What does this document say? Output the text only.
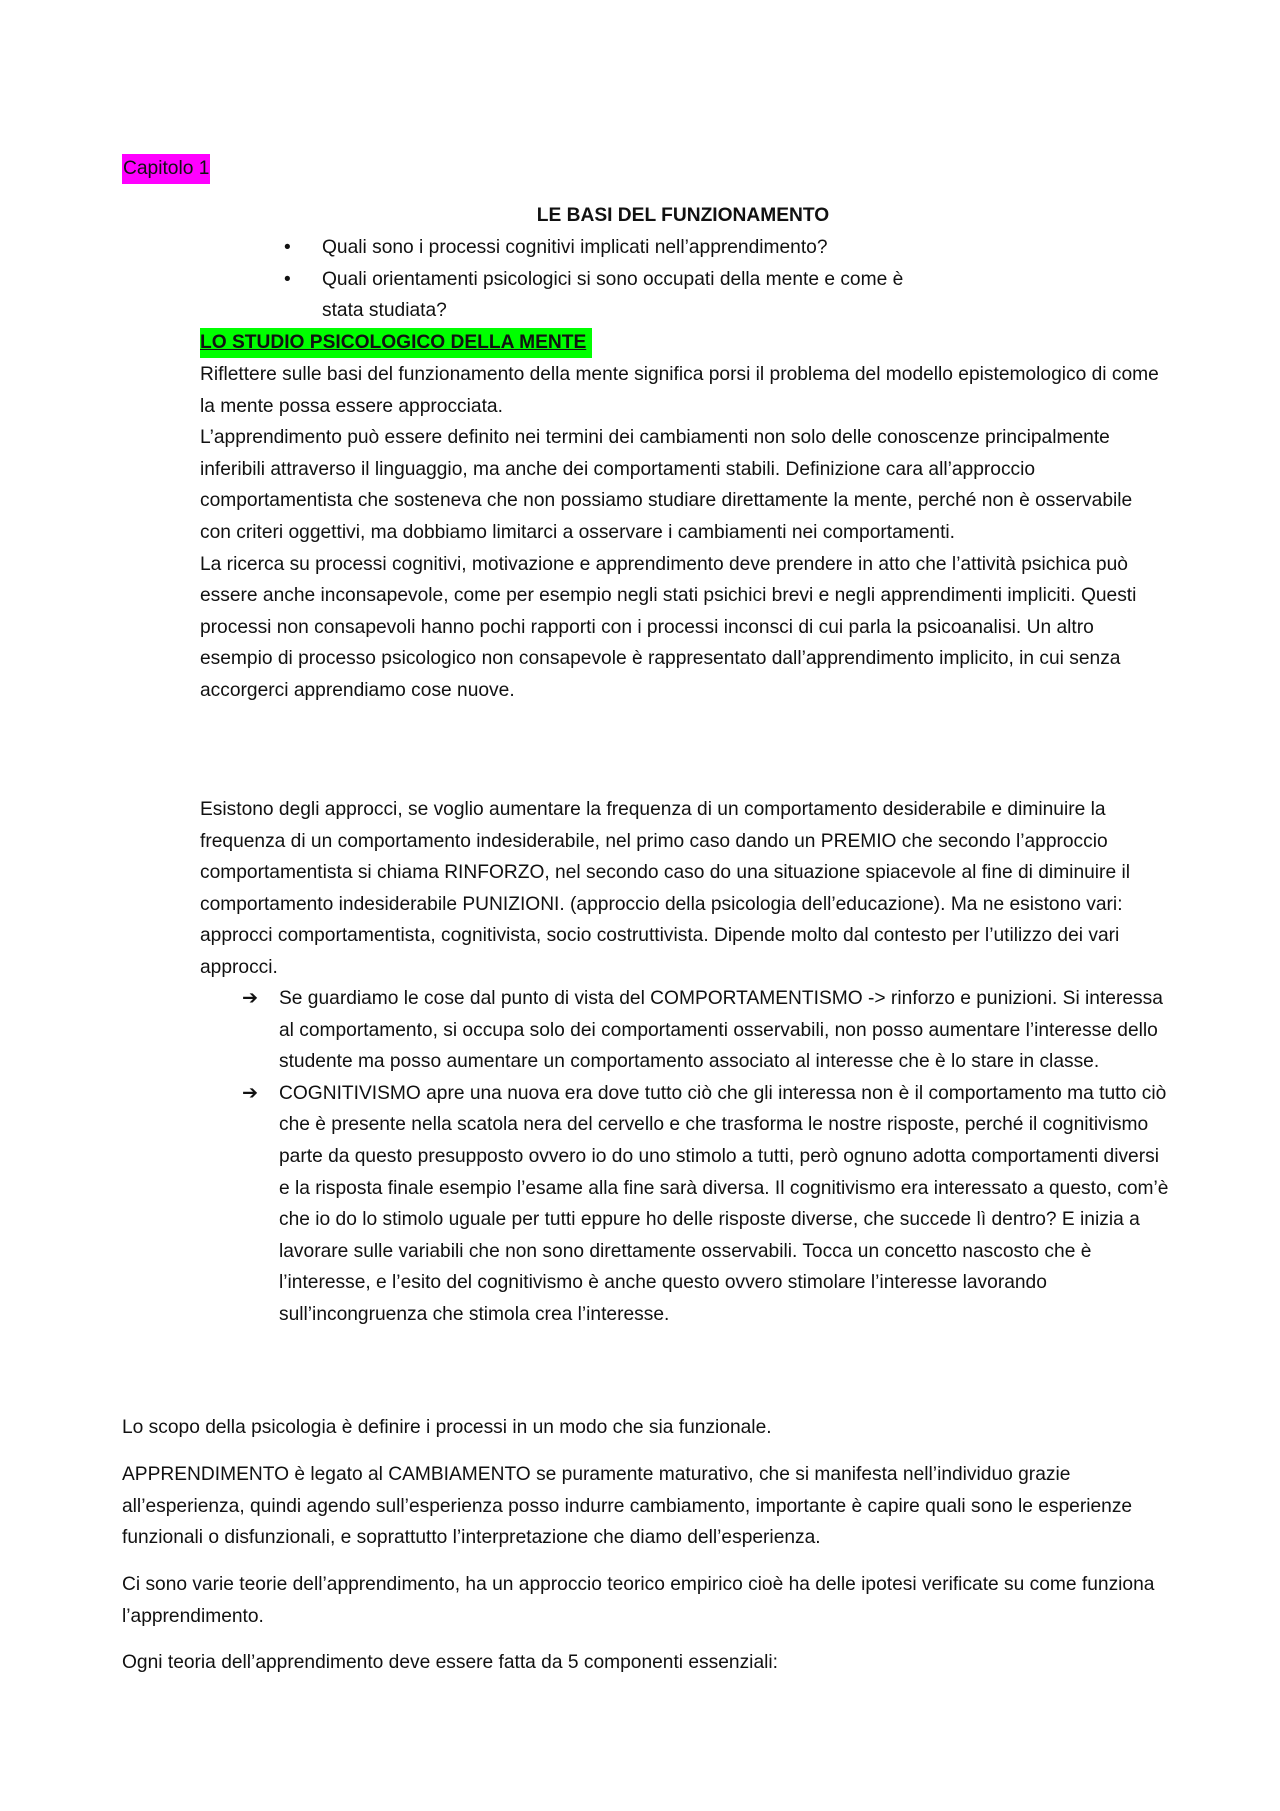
Capitolo 1
LE BASI DEL FUNZIONAMENTO
• Quali sono i processi cognitivi implicati nell’apprendimento?
• Quali orientamenti psicologici si sono occupati della mente e come è stata studiata?
LO STUDIO PSICOLOGICO DELLA MENTE

Riflettere sulle basi del funzionamento della mente significa porsi il problema del modello epistemologico di come la mente possa essere approcciata.

L’apprendimento può essere definito nei termini dei cambiamenti non solo delle conoscenze principalmente inferibili attraverso il linguaggio, ma anche dei comportamenti stabili. Definizione cara all’approccio comportamentista che sosteneva che non possiamo studiare direttamente la mente, perché non è osservabile con criteri oggettivi, ma dobbiamo limitarci a osservare i cambiamenti nei comportamenti.

La ricerca su processi cognitivi, motivazione e apprendimento deve prendere in atto che l’attività psichica può essere anche inconsapevole, come per esempio negli stati psichici brevi e negli apprendimenti impliciti. Questi processi non consapevoli hanno pochi rapporti con i processi inconsci di cui parla la psicoanalisi. Un altro esempio di processo psicologico non consapevole è rappresentato dall’apprendimento implicito, in cui senza accorgerci apprendiamo cose nuove.

Esistono degli approcci, se voglio aumentare la frequenza di un comportamento desiderabile e diminuire la frequenza di un comportamento indesiderabile, nel primo caso dando un PREMIO che secondo l’approccio comportamentista si chiama RINFORZO, nel secondo caso do una situazione spiacevole al fine di diminuire il comportamento indesiderabile PUNIZIONI. (approccio della psicologia dell’educazione). Ma ne esistono vari: approcci comportamentista, cognitivista, socio costruttivista. Dipende molto dal contesto per l’utilizzo dei vari approcci.

➔ Se guardiamo le cose dal punto di vista del COMPORTAMENTISMO -> rinforzo e punizioni. Si interessa al comportamento, si occupa solo dei comportamenti osservabili, non posso aumentare l’interesse dello studente ma posso aumentare un comportamento associato al interesse che è lo stare in classe.
➔ COGNITIVISMO apre una nuova era dove tutto ciò che gli interessa non è il comportamento ma tutto ciò che è presente nella scatola nera del cervello e che trasforma le nostre risposte, perché il cognitivismo parte da questo presupposto ovvero io do uno stimolo a tutti, però ognuno adotta comportamenti diversi e la risposta finale esempio l’esame alla fine sarà diversa. Il cognitivismo era interessato a questo, com’è che io do lo stimolo uguale per tutti eppure ho delle risposte diverse, che succede lì dentro? E inizia a lavorare sulle variabili che non sono direttamente osservabili. Tocca un concetto nascosto che è l’interesse, e l’esito del cognitivismo è anche questo ovvero stimolare l’interesse lavorando sull’incongruenza che stimola crea l’interesse.

Lo scopo della psicologia è definire i processi in un modo che sia funzionale.

APPRENDIMENTO è legato al CAMBIAMENTO se puramente maturativo, che si manifesta nell’individuo grazie all’esperienza, quindi agendo sull’esperienza posso indurre cambiamento, importante è capire quali sono le esperienze funzionali o disfunzionali, e soprattutto l’interpretazione che diamo dell’esperienza.

Ci sono varie teorie dell’apprendimento, ha un approccio teorico empirico cioè ha delle ipotesi verificate su come funziona l’apprendimento.

Ogni teoria dell’apprendimento deve essere fatta da 5 componenti essenziali:
